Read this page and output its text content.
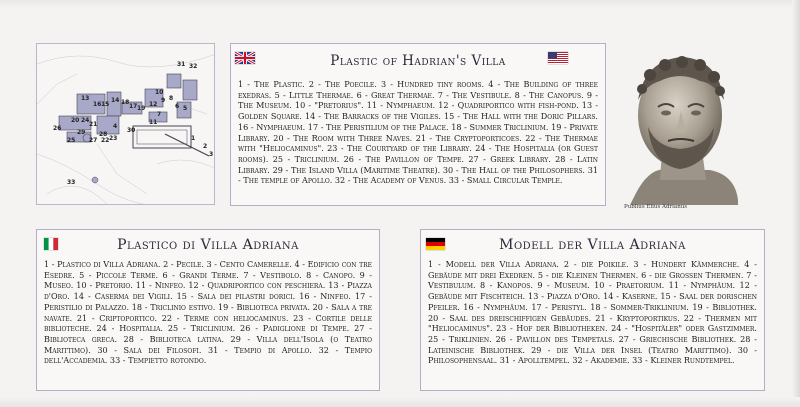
31 32
13
16 15
14 18
17 19
12
10
9 8
7
6 5
26
20 24
21	4
11
1
2
3
27
25	22 23
29 28
30
33
Plastic of Hadrian's Villa

1 - The Plastic. 2 - The Poecile. 3 - Hundred tiny rooms. 4 - The Building of three exedras. 5 - Little Thermae. 6 - Great Thermae. 7 - The Vestibule. 8 - The Canopus. 9 - The Museum. 10 - "Pretorius". 11 - Nymphaeum. 12 - Quadriportico with fish-pond. 13 - Golden Square. 14 - The Barracks of the Vigiles. 15 - The Hall with the Doric Pillars. 16 - Nymphaeum. 17 - The Peristilium of the Palace. 18 - Summer Triclinium. 19 - Private Library. 20 - The Room with Three Naves. 21 - The Cryptoporticoes. 22 - The Thermae with "Heliocaminus". 23 - The Courtyard of the Library. 24 - The Hospitalia (or Guest rooms). 25 - Triclinium. 26 - The Pavillon of Tempe. 27 - Greek Library. 28 - Latin Library. 29 - The Island Villa (Maritime Theatre). 30 - The Hall of the Philosophers. 31 - The temple of Apollo. 32 - The Academy of Venus. 33 - Small Circular Temple.

Publius Elius Adrianus
Plastico di Villa Adriana

1 - Plastico di Villa Adriana. 2 - Pecile. 3 - Cento Camerelle. 4 - Edificio con tre Esedre. 5 - Piccole Terme. 6 - Grandi Terme. 7 - Vestibolo. 8 - Canopo. 9 - Museo. 10 - Pretorio. 11 - Ninfeo. 12 - Quadriportico con peschiera. 13 - Piazza d'Oro. 14 - Caserma dei Vigili. 15 - Sala dei pilastri dorici. 16 - Ninfeo. 17 - Peristilio di Palazzo. 18 - Triclinio estivo. 19 - Biblioteca privata. 20 - Sala a tre navate. 21 - Criptoportico. 22 - Terme con heliocaminus. 23 - Cortile delle biblioteche. 24 - Hospitalia. 25 - Triclinium. 26 - Padiglione di Tempe. 27 - Biblioteca greca. 28 - Biblioteca latina. 29 - Villa dell'Isola (o Teatro Marittimo). 30 - Sala dei Filosofi. 31 - Tempio di Apollo. 32 - Tempio dell'Accademia. 33 - Tempietto rotondo.

Modell der Villa Adriana

1 - Modell der Villa Adriana. 2 - die Poikile. 3 - Hundert Kämmerche. 4 - Gebäude mit drei Exedren. 5 - die Kleinen Thermen. 6 - die Großen Thermen. 7 - Vestibulum. 8 - Kanopos. 9 - Museum. 10 - Praetorium. 11 - Nymphäum. 12 - Gebäude mit Fischteich. 13 - Piazza d'Oro. 14 - Kaserne. 15 - Saal der dorischen Pfeiler. 16 - Nymphäum. 17 - Peristyl. 18 - Sommer-Triklinium. 19 - Bibliothek. 20 - Saal des dreischiffigen Gebäudes. 21 - Kryptoportikus. 22 - Thermen mit "Heliocaminus". 23 - Hof der Bibliotheken. 24 - "Hospitäler" oder Gastzimmer. 25 - Triklinien. 26 - Pavillon des Tempetals. 27 - Griechische Bibliothek. 28 - Lateinische Bibliothek. 29 - die Villa der Insel (Teatro Marittimo). 30 - Philosophensaal. 31 - Apolltempel. 32 - Akademie. 33 - Kleiner Rundtempel.
